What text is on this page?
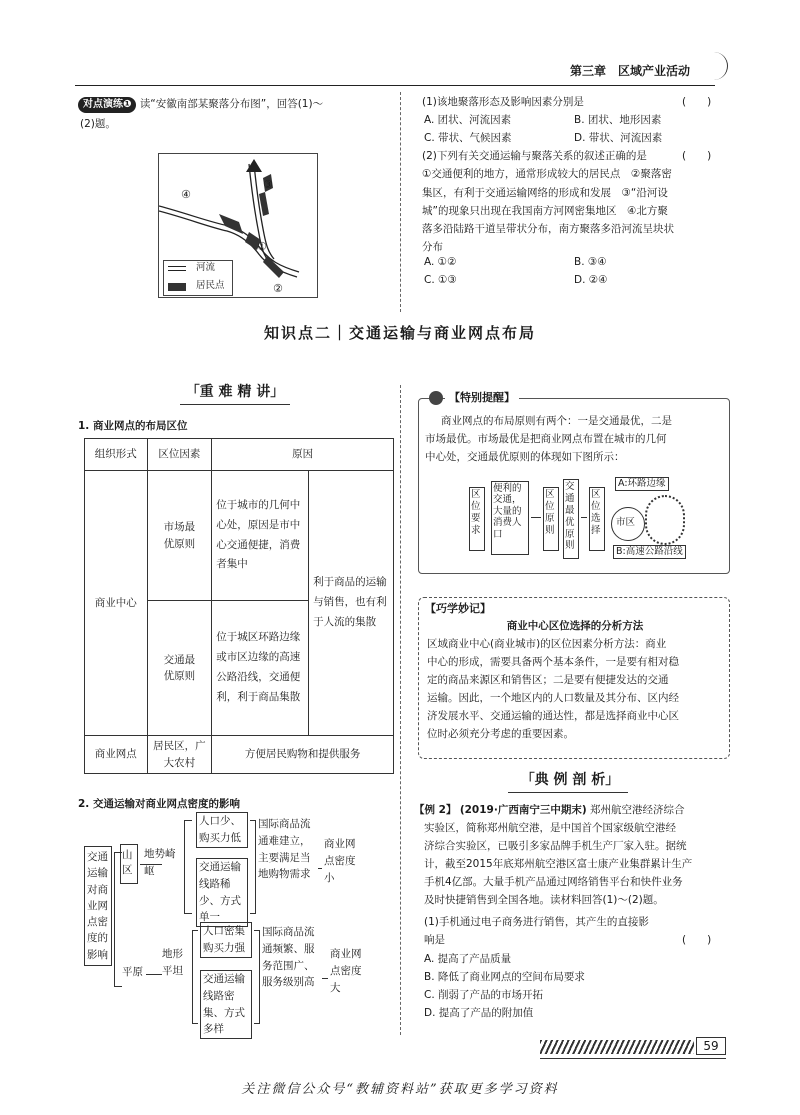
第三章　区域产业活动
对点演练❶ 读“安徽南部某聚落分布图”，回答(1)～
(2)题。
①
②
③
④
河流
居民点
(1)该地聚落形态及影响因素分别是	(　　)
A. 团状、河流因素	B. 团状、地形因素
C. 带状、气候因素	D. 带状、河流因素
(2)下列有关交通运输与聚落关系的叙述正确的是
①交通便利的地方，通常形成较大的居民点　②聚落密
集区，有利于交通运输网络的形成和发展　③“沿河设
城”的现象只出现在我国南方河网密集地区　④北方聚
落多沿陆路干道呈带状分布，南方聚落多沿河流呈块状
分布
(　　)
A. ①②	B. ③④
C. ①③	D. ②④
知识点二｜交通运输与商业网点布局
「重 难 精 讲」
1. 商业网点的布局区位
组织形式	区位因素	原因	
商业中心	市场最优原则	位于城市的几何中心处，原因是市中心交通便捷，消费者集中	利于商品的运输与销售，也有利于人流的集散
	交通最优原则	位于城区环路边缘或市区边缘的高速公路沿线，交通便利，利于商品集散	
商业网点	居民区，广大农村	方便居民购物和提供服务	
2. 交通运输对商业网点密度的影响
交通运输对商业网点密度的影响
山区
地势崎岖
人口少、购买力低
交通运输线路稀少、方式单一
国际商品流通难建立，主要满足当地购物需求
商业网点密度小
平原
地形平坦
人口密集购买力强
交通运输线路密集、方式多样
国际商品流通频繁、服务范围广、服务级别高
商业网点密度大
【特别提醒】
商业网点的布局原则有两个：一是交通最优，二是
市场最优。市场最优是把商业网点布置在城市的几何
中心处，交通最优原则的体现如下图所示：
区位要求
便利的交通，大量的消费人口
区位原则
交通最优原则
区位选择
A:环路边缘
市区
B:高速公路沿线
【巧学妙记】
商业中心区位选择的分析方法
区域商业中心(商业城市)的区位因素分析方法：商业
中心的形成，需要具备两个基本条件，一是要有相对稳
定的商品来源区和销售区；二是要有便捷发达的交通
运输。因此，一个地区内的人口数量及其分布、区内经
济发展水平、交通运输的通达性，都是选择商业中心区
位时必须充分考虑的重要因素。
「典 例 剖 析」
【例 2】 (2019·广西南宁三中期末) 郑州航空港经济综合
实验区，简称郑州航空港，是中国首个国家级航空港经
济综合实验区，已吸引多家品牌手机生产厂家入驻。据统
计，截至2015年底郑州航空港区富士康产业集群累计生产
手机4亿部。大量手机产品通过网络销售平台和快件业务
及时快捷销售到全国各地。读材料回答(1)～(2)题。
(1)手机通过电子商务进行销售，其产生的直接影
响是	(　　)
A. 提高了产品质量
B. 降低了商业网点的空间布局要求
C. 削弱了产品的市场开拓
D. 提高了产品的附加值
59
关注微信公众号“教辅资料站”获取更多学习资料
